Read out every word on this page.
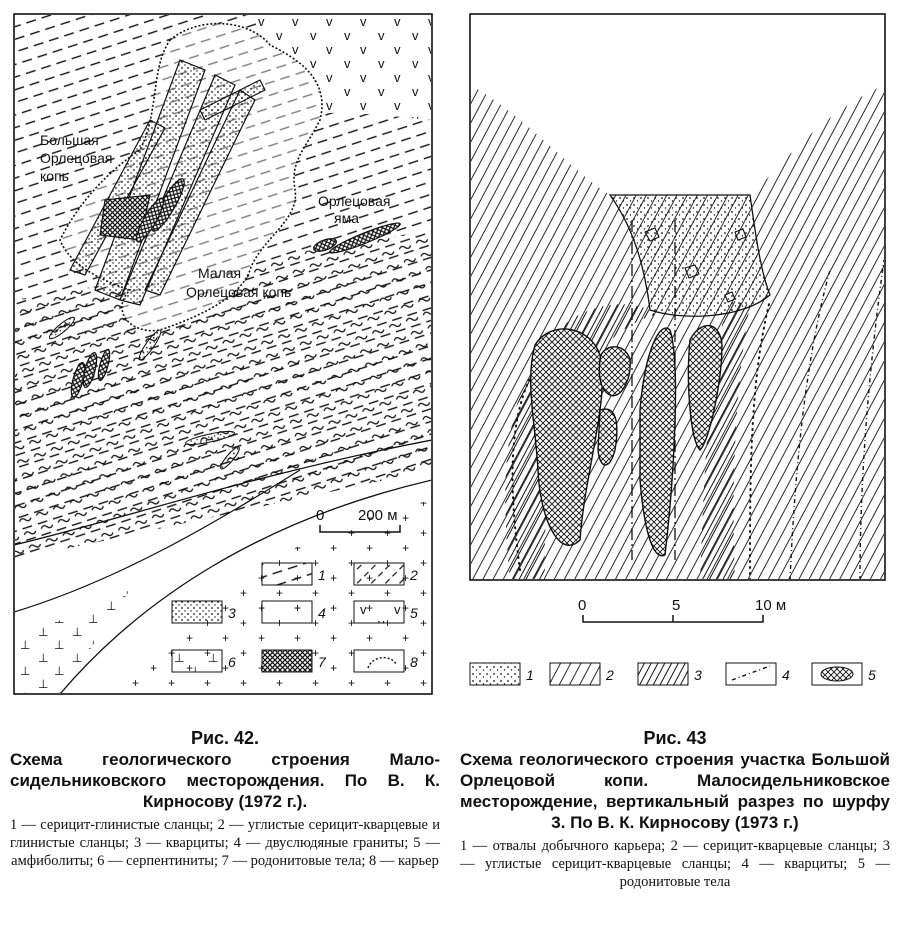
Большая
Орлецовая
копь
Орлецовая
яма
Малая
Орлецовая копь
0 200 м
1	2
3	4	5
6	7	8
0	5	10 м
1	2	3	4	5
Рис. 42.
Схема геологического строения Мало-сидельниковского месторождения. По В. К. Кирносову (1972 г.).
1 — серицит-глинистые сланцы; 2 — углистые серицит-кварцевые и глинистые сланцы; 3 — кварциты; 4 — двуслюдяные граниты; 5 — амфиболиты; 6 — серпентиниты; 7 — родонитовые тела; 8 — карьер
Рис. 43
Схема геологического строения участка Большой Орлецовой копи. Малосидельниковское месторождение, вертикальный разрез по шурфу 3. По В. К. Кирносову (1973 г.)
1 — отвалы добычного карьера; 2 — серицит-кварцевые сланцы; 3 — углистые серицит-кварцевые сланцы; 4 — кварциты; 5 — родонитовые тела
